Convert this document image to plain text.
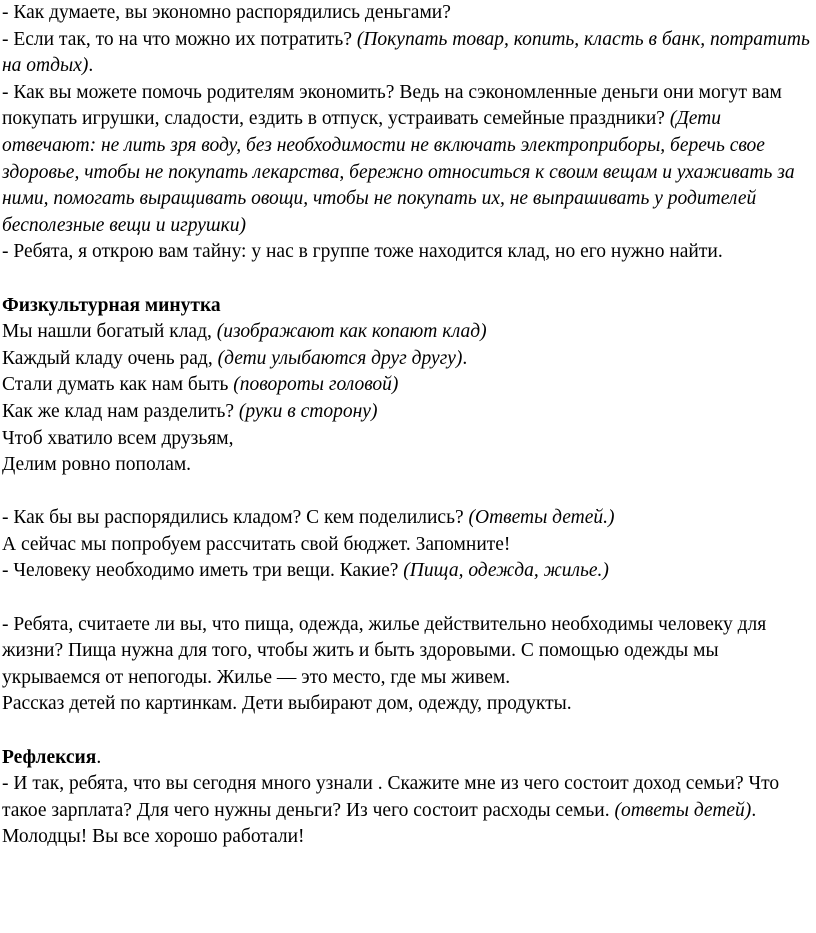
- Как думаете, вы экономно распорядились деньгами?

- Если так, то на что можно их потратить? (Покупать товар, копить, класть в банк, потратить на отдых).

- Как вы можете помочь родителям экономить? Ведь на сэкономленные деньги они могут вам покупать игрушки, сладости, ездить в отпуск, устраивать семейные праздники? (Дети отвечают: не лить зря воду, без необходимости не включать электроприборы, беречь свое здоровье, чтобы не покупать лекарства, бережно относиться к своим вещам и ухаживать за ними, помогать выращивать овощи, чтобы не покупать их, не выпрашивать у родителей бесполезные вещи и игрушки)

- Ребята, я открою вам тайну: у нас в группе тоже находится клад, но его нужно найти.

Физкультурная минутка

Мы нашли богатый клад, (изображают как копают клад)

Каждый кладу очень рад, (дети улыбаются друг другу).

Стали думать как нам быть (повороты головой)

Как же клад нам разделить? (руки в сторону)

Чтоб хватило всем друзьям,

Делим ровно пополам.

- Как бы вы распорядились кладом? С кем поделились? (Ответы детей.)

А сейчас мы попробуем рассчитать свой бюджет. Запомните!

- Человеку необходимо иметь три вещи. Какие? (Пища, одежда, жилье.)

- Ребята, считаете ли вы, что пища, одежда, жилье действительно необходимы человеку для жизни? Пища нужна для того, чтобы жить и быть здоровыми. С помощью одежды мы укрываемся от непогоды. Жилье — это место, где мы живем.

Рассказ детей по картинкам. Дети выбирают дом, одежду, продукты.

Рефлексия.

- И так, ребята, что вы сегодня много узнали . Скажите мне из чего состоит доход семьи? Что такое зарплата? Для чего нужны деньги? Из чего состоит расходы семьи. (ответы детей).

Молодцы! Вы все хорошо работали!
